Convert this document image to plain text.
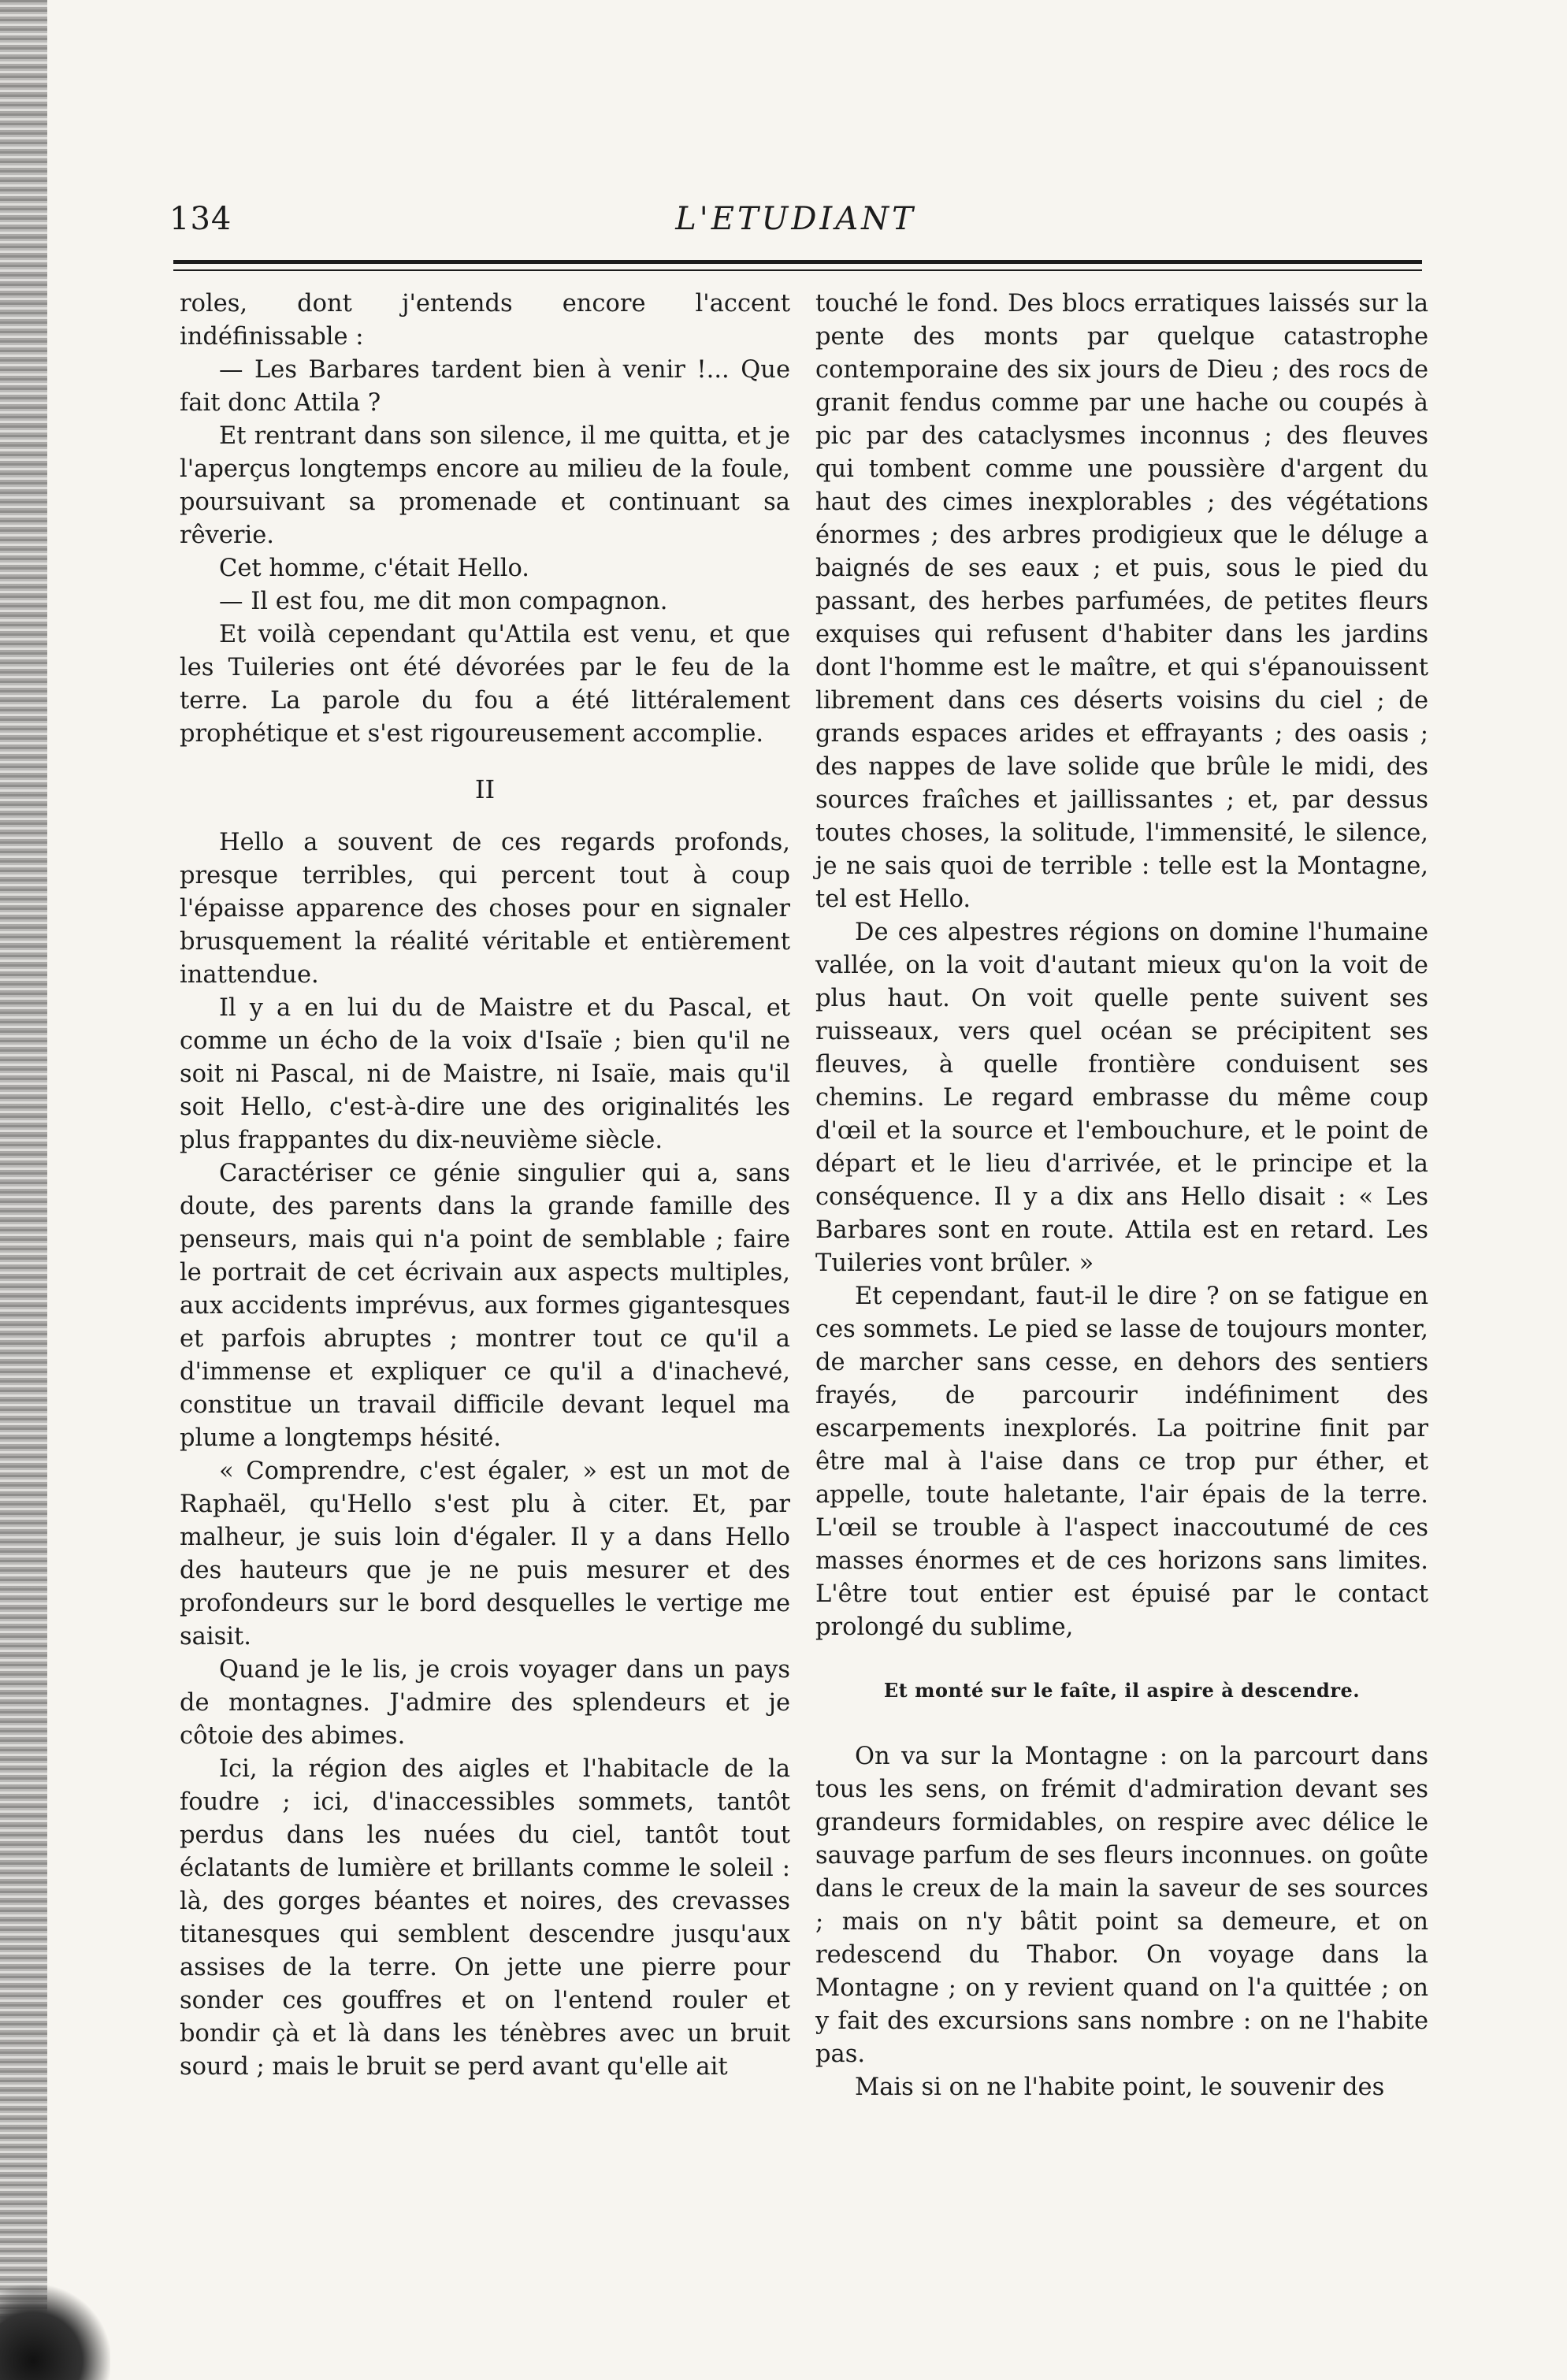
134	L'ETUDIANT

roles, dont j'entends encore l'accent indéfinissable :

— Les Barbares tardent bien à venir !... Que fait donc Attila ?

Et rentrant dans son silence, il me quitta, et je l'aperçus longtemps encore au milieu de la foule, poursuivant sa promenade et continuant sa rêverie.

Cet homme, c'était Hello.

— Il est fou, me dit mon compagnon.

Et voilà cependant qu'Attila est venu, et que les Tuileries ont été dévorées par le feu de la terre. La parole du fou a été littéralement prophétique et s'est rigoureusement accomplie.

II

Hello a souvent de ces regards profonds, presque terribles, qui percent tout à coup l'épaisse apparence des choses pour en signaler brusquement la réalité véritable et entièrement inattendue.

Il y a en lui du de Maistre et du Pascal, et comme un écho de la voix d'Isaïe ; bien qu'il ne soit ni Pascal, ni de Maistre, ni Isaïe, mais qu'il soit Hello, c'est-à-dire une des originalités les plus frappantes du dix-neuvième siècle.

Caractériser ce génie singulier qui a, sans doute, des parents dans la grande famille des penseurs, mais qui n'a point de semblable ; faire le portrait de cet écrivain aux aspects multiples, aux accidents imprévus, aux formes gigantesques et parfois abruptes ; montrer tout ce qu'il a d'immense et expliquer ce qu'il a d'inachevé, constitue un travail difficile devant lequel ma plume a longtemps hésité.

« Comprendre, c'est égaler, » est un mot de Raphaël, qu'Hello s'est plu à citer. Et, par malheur, je suis loin d'égaler. Il y a dans Hello des hauteurs que je ne puis mesurer et des profondeurs sur le bord desquelles le vertige me saisit.

Quand je le lis, je crois voyager dans un pays de montagnes. J'admire des splendeurs et je côtoie des abimes.

Ici, la région des aigles et l'habitacle de la foudre ; ici, d'inaccessibles sommets, tantôt perdus dans les nuées du ciel, tantôt tout éclatants de lumière et brillants comme le soleil : là, des gorges béantes et noires, des crevasses titanesques qui semblent descendre jusqu'aux assises de la terre. On jette une pierre pour sonder ces gouffres et on l'entend rouler et bondir çà et là dans les ténèbres avec un bruit sourd ; mais le bruit se perd avant qu'elle ait

touché le fond. Des blocs erratiques laissés sur la pente des monts par quelque catastrophe contemporaine des six jours de Dieu ; des rocs de granit fendus comme par une hache ou coupés à pic par des cataclysmes inconnus ; des fleuves qui tombent comme une poussière d'argent du haut des cimes inexplorables ; des végétations énormes ; des arbres prodigieux que le déluge a baignés de ses eaux ; et puis, sous le pied du passant, des herbes parfumées, de petites fleurs exquises qui refusent d'habiter dans les jardins dont l'homme est le maître, et qui s'épanouissent librement dans ces déserts voisins du ciel ; de grands espaces arides et effrayants ; des oasis ; des nappes de lave solide que brûle le midi, des sources fraîches et jaillissantes ; et, par dessus toutes choses, la solitude, l'immensité, le silence, je ne sais quoi de terrible : telle est la Montagne, tel est Hello.

De ces alpestres régions on domine l'humaine vallée, on la voit d'autant mieux qu'on la voit de plus haut. On voit quelle pente suivent ses ruisseaux, vers quel océan se précipitent ses fleuves, à quelle frontière conduisent ses chemins. Le regard embrasse du même coup d'œil et la source et l'embouchure, et le point de départ et le lieu d'arrivée, et le principe et la conséquence. Il y a dix ans Hello disait : « Les Barbares sont en route. Attila est en retard. Les Tuileries vont brûler. »

Et cependant, faut-il le dire ? on se fatigue en ces sommets. Le pied se lasse de toujours monter, de marcher sans cesse, en dehors des sentiers frayés, de parcourir indéfiniment des escarpements inexplorés. La poitrine finit par être mal à l'aise dans ce trop pur éther, et appelle, toute haletante, l'air épais de la terre. L'œil se trouble à l'aspect inaccoutumé de ces masses énormes et de ces horizons sans limites. L'être tout entier est épuisé par le contact prolongé du sublime,

Et monté sur le faîte, il aspire à descendre.

On va sur la Montagne : on la parcourt dans tous les sens, on frémit d'admiration devant ses grandeurs formidables, on respire avec délice le sauvage parfum de ses fleurs inconnues. on goûte dans le creux de la main la saveur de ses sources ; mais on n'y bâtit point sa demeure, et on redescend du Thabor. On voyage dans la Montagne ; on y revient quand on l'a quittée ; on y fait des excursions sans nombre : on ne l'habite pas.

Mais si on ne l'habite point, le souvenir des
